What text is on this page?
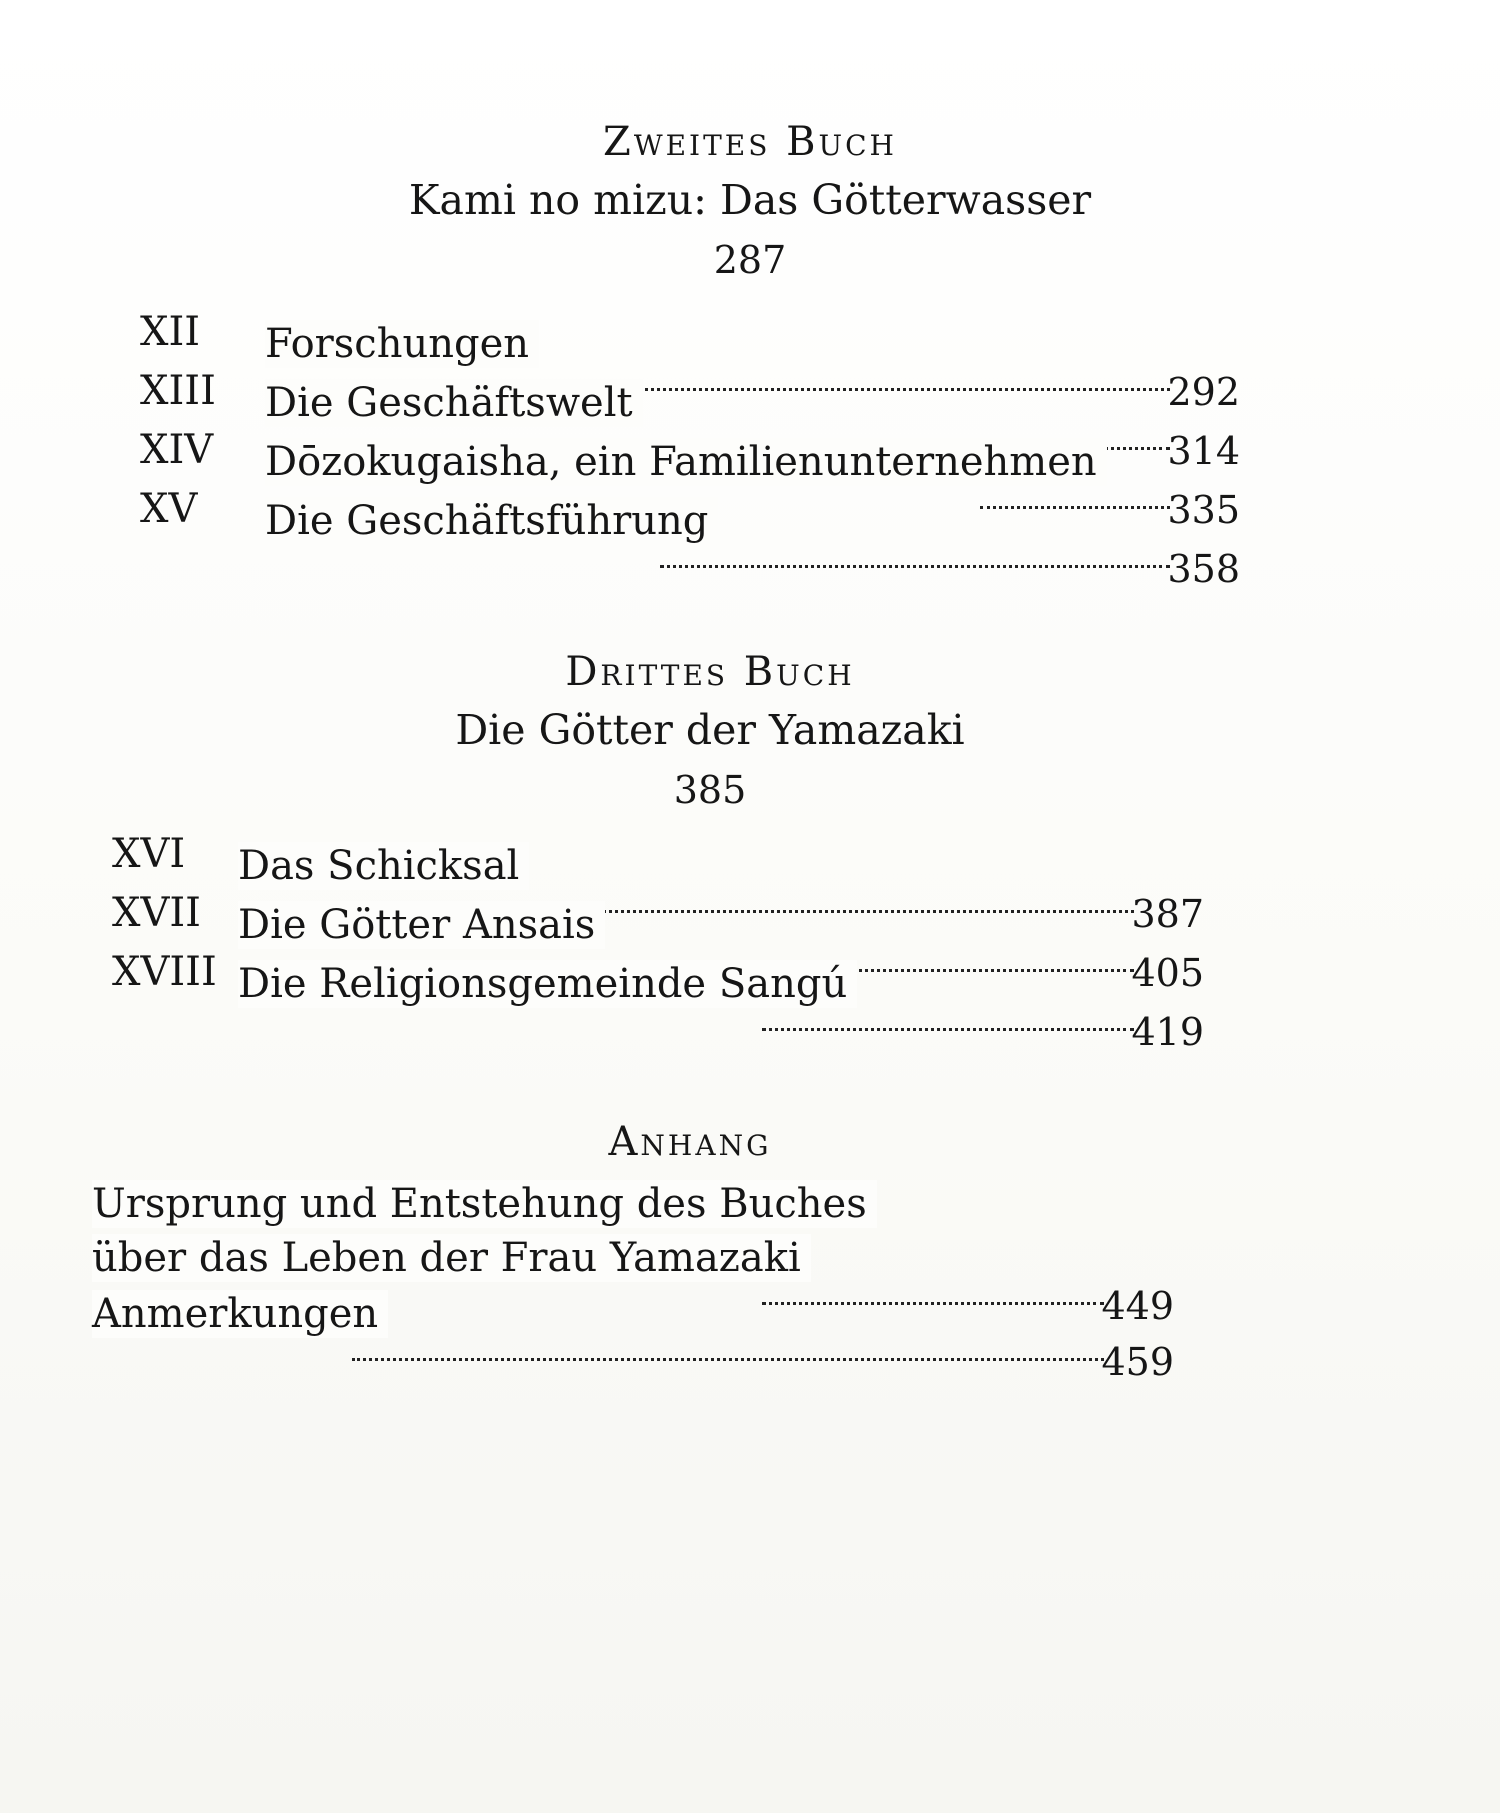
Zweites Buch
Kami no mizu: Das Götterwasser
287
XII Forschungen
292
XIII Die Geschäftswelt
314
XIV Dōzokugaisha, ein Familienunternehmen
335
XV Die Geschäftsführung
358
Drittes Buch
Die Götter der Yamazaki
385
XVI Das Schicksal
387
XVII Die Götter Ansais
405
XVIII Die Religionsgemeinde Sangú
419
Anhang
Ursprung und Entstehung des Buches
über das Leben der Frau Yamazaki
449
Anmerkungen
459
